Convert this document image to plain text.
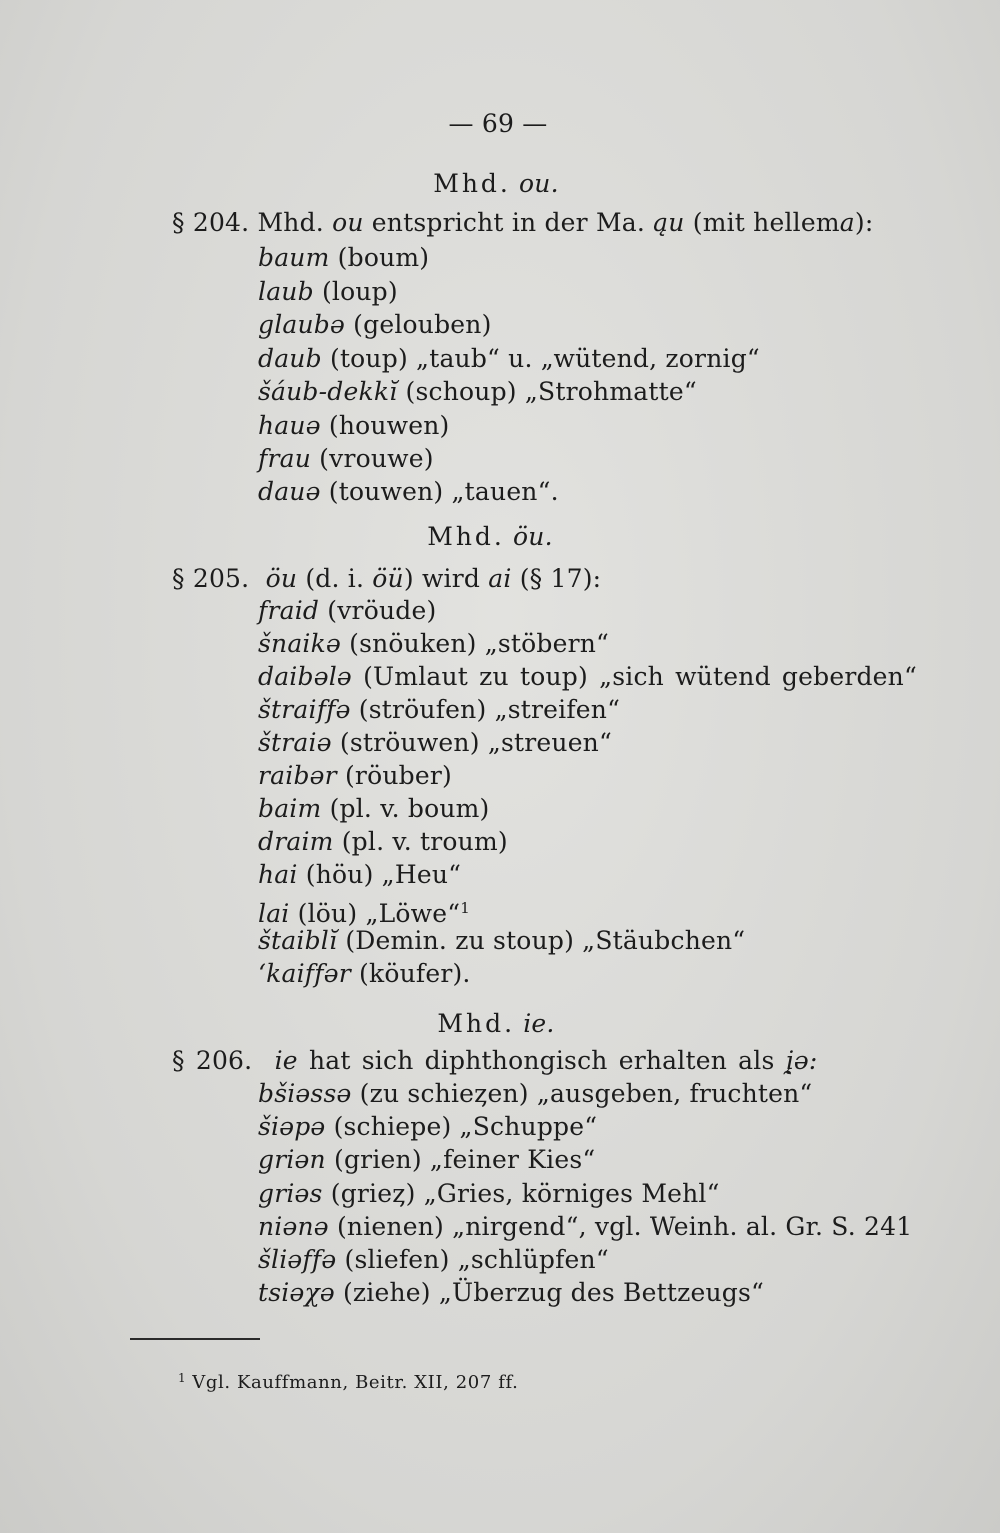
— 69 —
Mhd. ou.
§ 204. Mhd. ou entspricht in der Ma. ąu (mit hellema):
baum (boum)
laub (loup)
glaubə (gelouben)
daub (toup) „taub“ u. „wütend, zornig“
šáub-dekkĭ (schoup) „Strohmatte“
hauə (houwen)
frau (vrouwe)
dauə (touwen) „tauen“.
Mhd. öu.
§ 205. öu (d. i. öü) wird ai (§ 17):
fraid (vröude)
šnaikə (snöuken) „stöbern“
daibələ (Umlaut zu toup) „sich wütend geberden“
štraiffə (ströufen) „streifen“
štraiə (ströuwen) „streuen“
raibər (röuber)
baim (pl. v. boum)
draim (pl. v. troum)
hai (höu) „Heu“
lai (löu) „Löwe“$^1$
štaiblĭ (Demin. zu stoup) „Stäubchen“
ʻkaiffər (köufer).
Mhd. ie.
§ 206. ie hat sich diphthongisch erhalten als į̯ə:
bšiəssə (zu schieȥen) „ausgeben, fruchten“
šiəpə (schiepe) „Schuppe“
griən (grien) „feiner Kies“
griəs (grieȥ) „Gries, körniges Mehl“
niənə (nienen) „nirgend“, vgl. Weinh. al. Gr. S. 241
šliəffə (sliefen) „schlüpfen“
tsiəχə (ziehe) „Überzug des Bettzeugs“
$^1$ Vgl. Kauffmann, Beitr. XII, 207 ff.
